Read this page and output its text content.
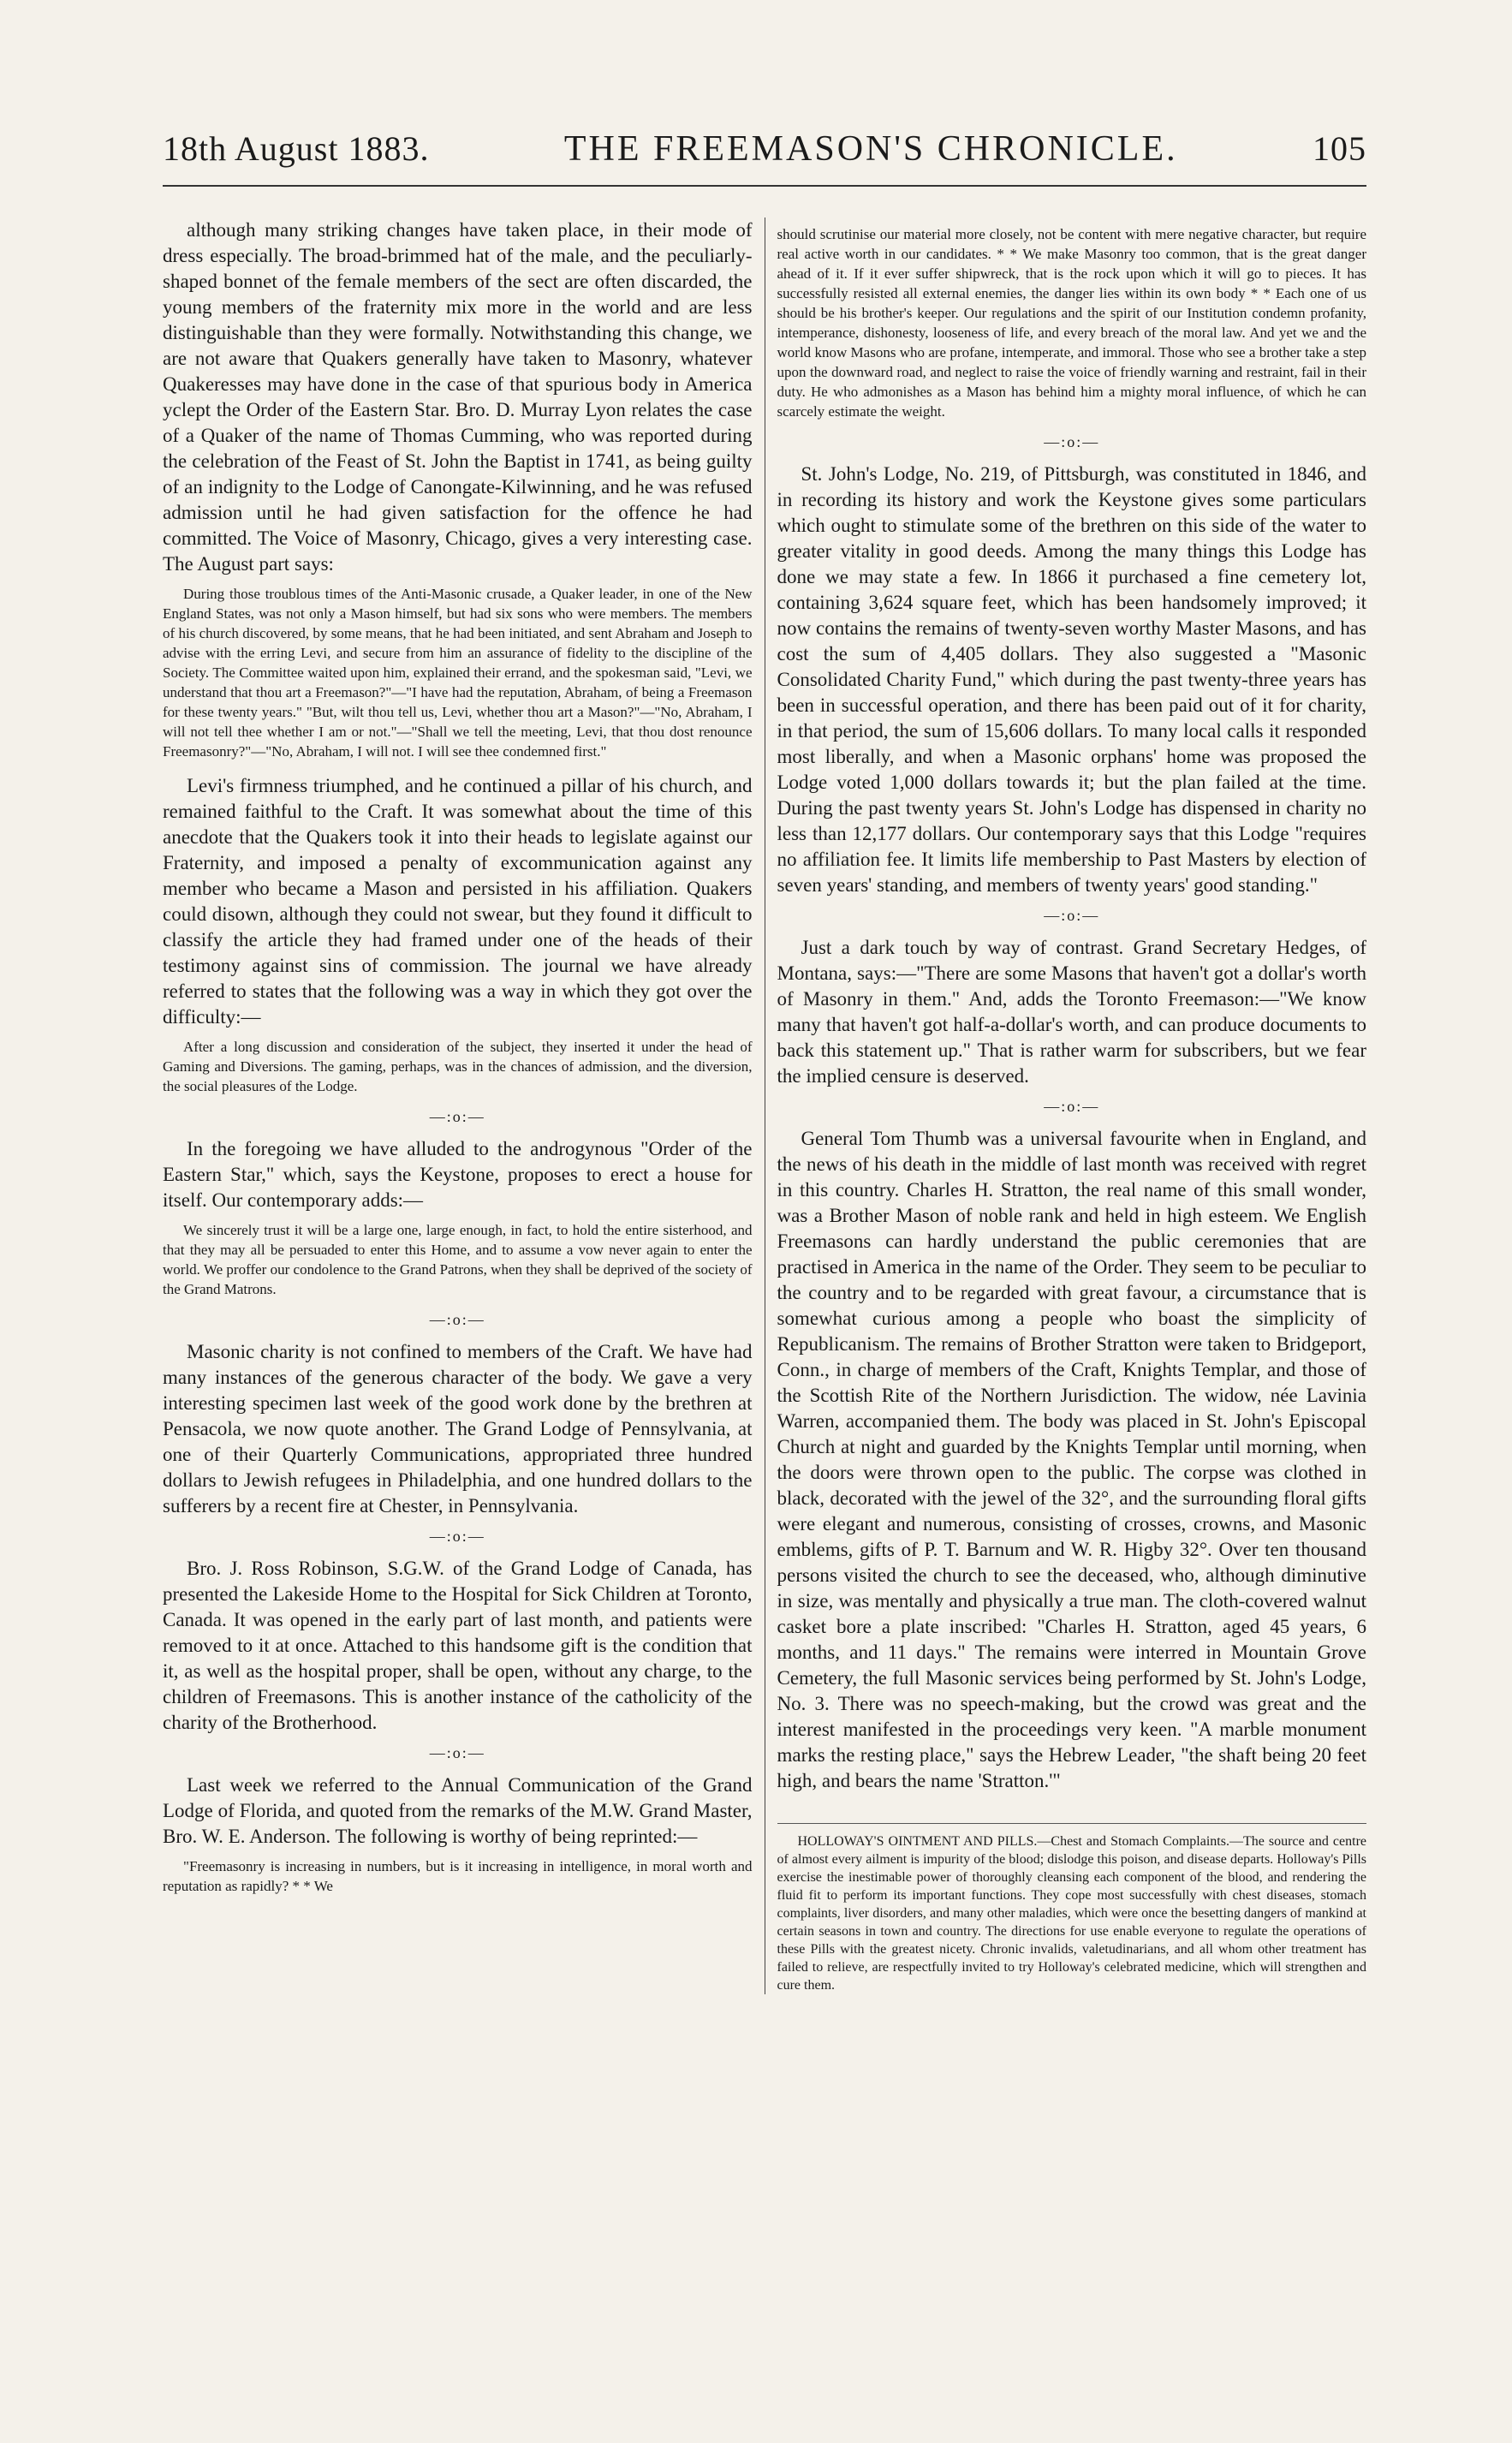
18th August 1883.	THE FREEMASON'S CHRONICLE.	105

although many striking changes have taken place, in their mode of dress especially. The broad-brimmed hat of the male, and the peculiarly-shaped bonnet of the female members of the sect are often discarded, the young members of the fraternity mix more in the world and are less distinguishable than they were formally. Notwithstanding this change, we are not aware that Quakers generally have taken to Masonry, whatever Quakeresses may have done in the case of that spurious body in America yclept the Order of the Eastern Star. Bro. D. Murray Lyon relates the case of a Quaker of the name of Thomas Cumming, who was reported during the celebration of the Feast of St. John the Baptist in 1741, as being guilty of an indignity to the Lodge of Canongate-Kilwinning, and he was refused admission until he had given satisfaction for the offence he had committed. The Voice of Masonry, Chicago, gives a very interesting case. The August part says:

During those troublous times of the Anti-Masonic crusade, a Quaker leader, in one of the New England States, was not only a Mason himself, but had six sons who were members. The members of his church discovered, by some means, that he had been initiated, and sent Abraham and Joseph to advise with the erring Levi, and secure from him an assurance of fidelity to the discipline of the Society. The Committee waited upon him, explained their errand, and the spokesman said, "Levi, we understand that thou art a Freemason?"—"I have had the reputation, Abraham, of being a Freemason for these twenty years." "But, wilt thou tell us, Levi, whether thou art a Mason?"—"No, Abraham, I will not tell thee whether I am or not."—"Shall we tell the meeting, Levi, that thou dost renounce Freemasonry?"—"No, Abraham, I will not. I will see thee condemned first."

Levi's firmness triumphed, and he continued a pillar of his church, and remained faithful to the Craft. It was somewhat about the time of this anecdote that the Quakers took it into their heads to legislate against our Fraternity, and imposed a penalty of excommunication against any member who became a Mason and persisted in his affiliation. Quakers could disown, although they could not swear, but they found it difficult to classify the article they had framed under one of the heads of their testimony against sins of commission. The journal we have already referred to states that the following was a way in which they got over the difficulty:—

After a long discussion and consideration of the subject, they inserted it under the head of Gaming and Diversions. The gaming, perhaps, was in the chances of admission, and the diversion, the social pleasures of the Lodge.

—:o:—

In the foregoing we have alluded to the androgynous "Order of the Eastern Star," which, says the Keystone, proposes to erect a house for itself. Our contemporary adds:—

We sincerely trust it will be a large one, large enough, in fact, to hold the entire sisterhood, and that they may all be persuaded to enter this Home, and to assume a vow never again to enter the world. We proffer our condolence to the Grand Patrons, when they shall be deprived of the society of the Grand Matrons.

—:o:—

Masonic charity is not confined to members of the Craft. We have had many instances of the generous character of the body. We gave a very interesting specimen last week of the good work done by the brethren at Pensacola, we now quote another. The Grand Lodge of Pennsylvania, at one of their Quarterly Communications, appropriated three hundred dollars to Jewish refugees in Philadelphia, and one hundred dollars to the sufferers by a recent fire at Chester, in Pennsylvania.

—:o:—

Bro. J. Ross Robinson, S.G.W. of the Grand Lodge of Canada, has presented the Lakeside Home to the Hospital for Sick Children at Toronto, Canada. It was opened in the early part of last month, and patients were removed to it at once. Attached to this handsome gift is the condition that it, as well as the hospital proper, shall be open, without any charge, to the children of Freemasons. This is another instance of the catholicity of the charity of the Brotherhood.

—:o:—

Last week we referred to the Annual Communication of the Grand Lodge of Florida, and quoted from the remarks of the M.W. Grand Master, Bro. W. E. Anderson. The following is worthy of being reprinted:—

"Freemasonry is increasing in numbers, but is it increasing in intelligence, in moral worth and reputation as rapidly? * * We

should scrutinise our material more closely, not be content with mere negative character, but require real active worth in our candidates. * * We make Masonry too common, that is the great danger ahead of it. If it ever suffer shipwreck, that is the rock upon which it will go to pieces. It has successfully resisted all external enemies, the danger lies within its own body * * Each one of us should be his brother's keeper. Our regulations and the spirit of our Institution condemn profanity, intemperance, dishonesty, looseness of life, and every breach of the moral law. And yet we and the world know Masons who are profane, intemperate, and immoral. Those who see a brother take a step upon the downward road, and neglect to raise the voice of friendly warning and restraint, fail in their duty. He who admonishes as a Mason has behind him a mighty moral influence, of which he can scarcely estimate the weight.

—:o:—

St. John's Lodge, No. 219, of Pittsburgh, was constituted in 1846, and in recording its history and work the Keystone gives some particulars which ought to stimulate some of the brethren on this side of the water to greater vitality in good deeds. Among the many things this Lodge has done we may state a few. In 1866 it purchased a fine cemetery lot, containing 3,624 square feet, which has been handsomely improved; it now contains the remains of twenty-seven worthy Master Masons, and has cost the sum of 4,405 dollars. They also suggested a "Masonic Consolidated Charity Fund," which during the past twenty-three years has been in successful operation, and there has been paid out of it for charity, in that period, the sum of 15,606 dollars. To many local calls it responded most liberally, and when a Masonic orphans' home was proposed the Lodge voted 1,000 dollars towards it; but the plan failed at the time. During the past twenty years St. John's Lodge has dispensed in charity no less than 12,177 dollars. Our contemporary says that this Lodge "requires no affiliation fee. It limits life membership to Past Masters by election of seven years' standing, and members of twenty years' good standing."

—:o:—

Just a dark touch by way of contrast. Grand Secretary Hedges, of Montana, says:—"There are some Masons that haven't got a dollar's worth of Masonry in them." And, adds the Toronto Freemason:—"We know many that haven't got half-a-dollar's worth, and can produce documents to back this statement up." That is rather warm for subscribers, but we fear the implied censure is deserved.

—:o:—

General Tom Thumb was a universal favourite when in England, and the news of his death in the middle of last month was received with regret in this country. Charles H. Stratton, the real name of this small wonder, was a Brother Mason of noble rank and held in high esteem. We English Freemasons can hardly understand the public ceremonies that are practised in America in the name of the Order. They seem to be peculiar to the country and to be regarded with great favour, a circumstance that is somewhat curious among a people who boast the simplicity of Republicanism. The remains of Brother Stratton were taken to Bridgeport, Conn., in charge of members of the Craft, Knights Templar, and those of the Scottish Rite of the Northern Jurisdiction. The widow, née Lavinia Warren, accompanied them. The body was placed in St. John's Episcopal Church at night and guarded by the Knights Templar until morning, when the doors were thrown open to the public. The corpse was clothed in black, decorated with the jewel of the 32°, and the surrounding floral gifts were elegant and numerous, consisting of crosses, crowns, and Masonic emblems, gifts of P. T. Barnum and W. R. Higby 32°. Over ten thousand persons visited the church to see the deceased, who, although diminutive in size, was mentally and physically a true man. The cloth-covered walnut casket bore a plate inscribed: "Charles H. Stratton, aged 45 years, 6 months, and 11 days." The remains were interred in Mountain Grove Cemetery, the full Masonic services being performed by St. John's Lodge, No. 3. There was no speech-making, but the crowd was great and the interest manifested in the proceedings very keen. "A marble monument marks the resting place," says the Hebrew Leader, "the shaft being 20 feet high, and bears the name 'Stratton.'"

HOLLOWAY'S OINTMENT AND PILLS.—Chest and Stomach Complaints.—The source and centre of almost every ailment is impurity of the blood; dislodge this poison, and disease departs. Holloway's Pills exercise the inestimable power of thoroughly cleansing each component of the blood, and rendering the fluid fit to perform its important functions. They cope most successfully with chest diseases, stomach complaints, liver disorders, and many other maladies, which were once the besetting dangers of mankind at certain seasons in town and country. The directions for use enable everyone to regulate the operations of these Pills with the greatest nicety. Chronic invalids, valetudinarians, and all whom other treatment has failed to relieve, are respectfully invited to try Holloway's celebrated medicine, which will strengthen and cure them.
